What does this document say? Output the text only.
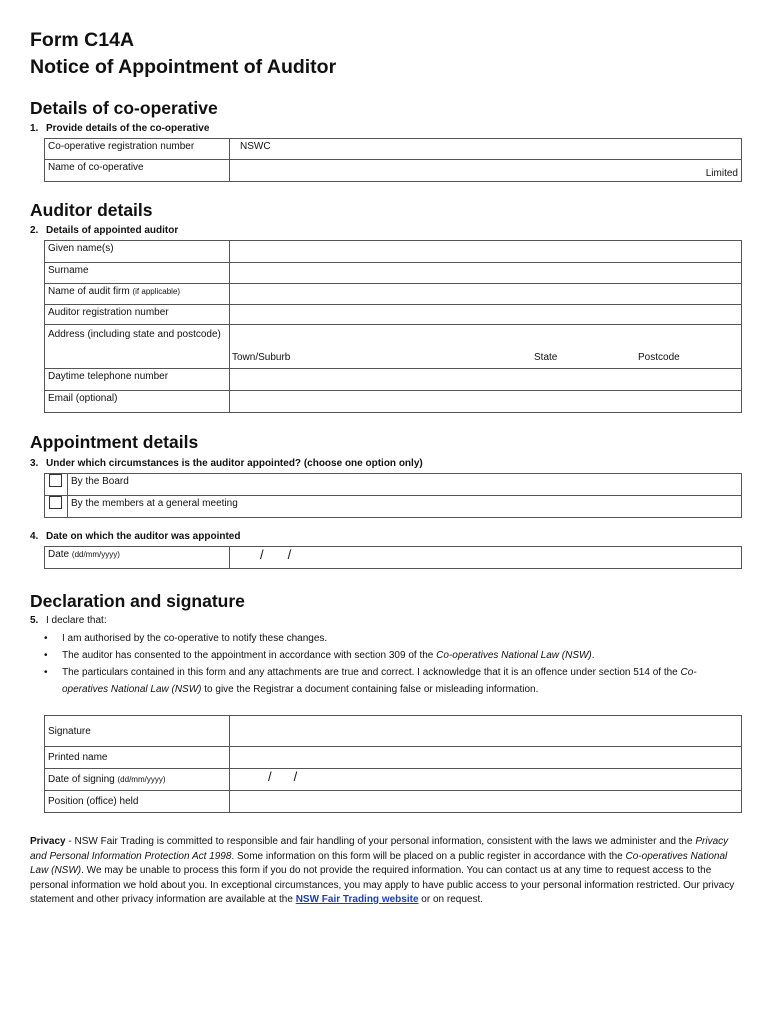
Form C14A
Notice of Appointment of Auditor
Details of co-operative
1. Provide details of the co-operative
Co-operative registration number	NSWC
Name of co-operative	Limited
Auditor details
2. Details of appointed auditor
Given name(s)	
Surname	
Name of audit firm (if applicable)	
Auditor registration number	
Address (including state and postcode)	Town/Suburb State Postcode

Daytime telephone number	
Email (optional)	
Appointment details
3. Under which circumstances is the auditor appointed? (choose one option only)
	By the Board
	By the members at a general meeting
4. Date on which the auditor was appointed
Date (dd/mm/yyyy)	/ /
Declaration and signature
5. I declare that:
• I am authorised by the co-operative to notify these changes.
• The auditor has consented to the appointment in accordance with section 309 of the Co-operatives National Law (NSW).
• The particulars contained in this form and any attachments are true and correct. I acknowledge that it is an offence under section 514 of the Co-operatives National Law (NSW) to give the Registrar a document containing false or misleading information.
Signature	
Printed name	
Date of signing (dd/mm/yyyy)	/ /
Position (office) held	
Privacy - NSW Fair Trading is committed to responsible and fair handling of your personal information, consistent with the laws we administer and the Privacy and Personal Information Protection Act 1998. Some information on this form will be placed on a public register in accordance with the Co-operatives National Law (NSW). We may be unable to process this form if you do not provide the required information. You can contact us at any time to request access to the personal information we hold about you. In exceptional circumstances, you may apply to have public access to your personal information restricted. Our privacy statement and other privacy information are available at the NSW Fair Trading website or on request.
